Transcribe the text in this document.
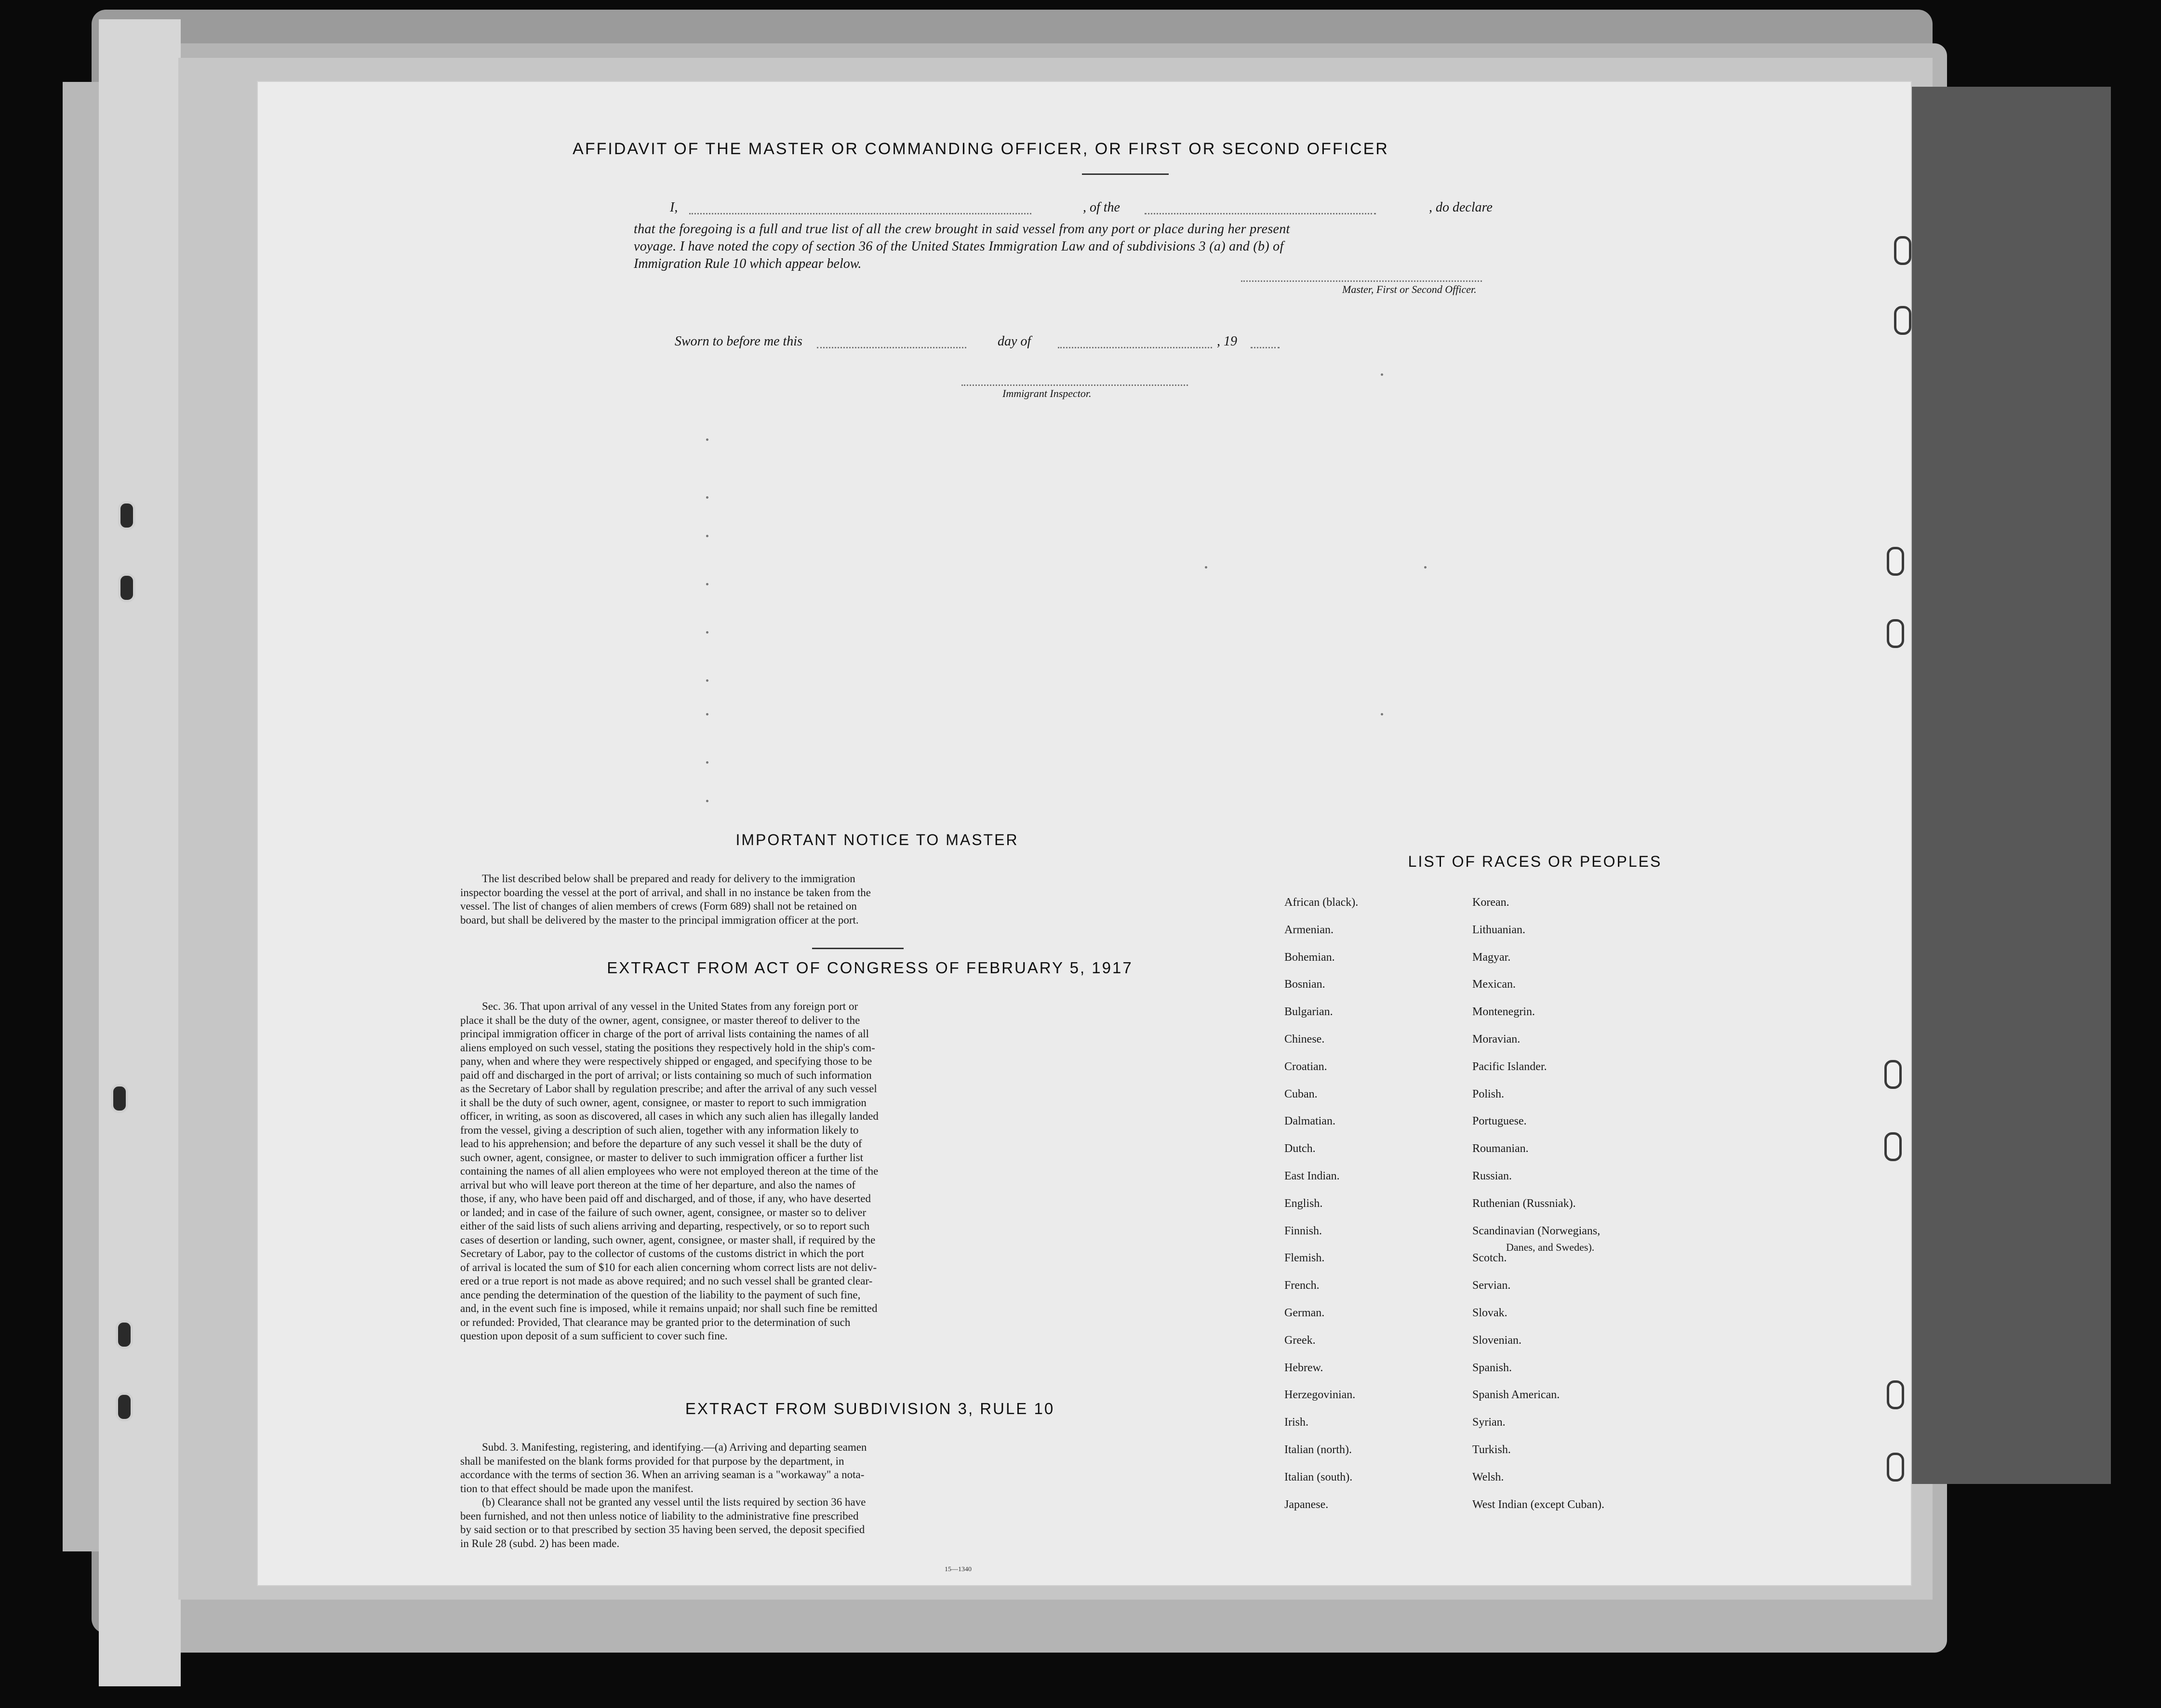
AFFIDAVIT OF THE MASTER OR COMMANDING OFFICER, OR FIRST OR SECOND OFFICER
I,	, of the	, do declare
that the foregoing is a full and true list of all the crew brought in said vessel from any port or place during her present
voyage. I have noted the copy of section 36 of the United States Immigration Law and of subdivisions 3 (a) and (b) of
Immigration Rule 10 which appear below.
Master, First or Second Officer.
Sworn to before me this	day of	, 19
Immigrant Inspector.
IMPORTANT NOTICE TO MASTER
The list described below shall be prepared and ready for delivery to the immigration
inspector boarding the vessel at the port of arrival, and shall in no instance be taken from the
vessel. The list of changes of alien members of crews (Form 689) shall not be retained on
board, but shall be delivered by the master to the principal immigration officer at the port.
EXTRACT FROM ACT OF CONGRESS OF FEBRUARY 5, 1917
Sec. 36. That upon arrival of any vessel in the United States from any foreign port or
place it shall be the duty of the owner, agent, consignee, or master thereof to deliver to the
principal immigration officer in charge of the port of arrival lists containing the names of all
aliens employed on such vessel, stating the positions they respectively hold in the ship's com-
pany, when and where they were respectively shipped or engaged, and specifying those to be
paid off and discharged in the port of arrival; or lists containing so much of such information
as the Secretary of Labor shall by regulation prescribe; and after the arrival of any such vessel
it shall be the duty of such owner, agent, consignee, or master to report to such immigration
officer, in writing, as soon as discovered, all cases in which any such alien has illegally landed
from the vessel, giving a description of such alien, together with any information likely to
lead to his apprehension; and before the departure of any such vessel it shall be the duty of
such owner, agent, consignee, or master to deliver to such immigration officer a further list
containing the names of all alien employees who were not employed thereon at the time of the
arrival but who will leave port thereon at the time of her departure, and also the names of
those, if any, who have been paid off and discharged, and of those, if any, who have deserted
or landed; and in case of the failure of such owner, agent, consignee, or master so to deliver
either of the said lists of such aliens arriving and departing, respectively, or so to report such
cases of desertion or landing, such owner, agent, consignee, or master shall, if required by the
Secretary of Labor, pay to the collector of customs of the customs district in which the port
of arrival is located the sum of $10 for each alien concerning whom correct lists are not deliv-
ered or a true report is not made as above required; and no such vessel shall be granted clear-
ance pending the determination of the question of the liability to the payment of such fine,
and, in the event such fine is imposed, while it remains unpaid; nor shall such fine be remitted
or refunded: Provided, That clearance may be granted prior to the determination of such
question upon deposit of a sum sufficient to cover such fine.
EXTRACT FROM SUBDIVISION 3, RULE 10
Subd. 3. Manifesting, registering, and identifying.—(a) Arriving and departing seamen
shall be manifested on the blank forms provided for that purpose by the department, in
accordance with the terms of section 36. When an arriving seaman is a "workaway" a nota-
tion to that effect should be made upon the manifest.
(b) Clearance shall not be granted any vessel until the lists required by section 36 have
been furnished, and not then unless notice of liability to the administrative fine prescribed
by said section or to that prescribed by section 35 having been served, the deposit specified
in Rule 28 (subd. 2) has been made.
15—1340
LIST OF RACES OR PEOPLES
African (black).
Armenian.
Bohemian.
Bosnian.
Bulgarian.
Chinese.
Croatian.
Cuban.
Dalmatian.
Dutch.
East Indian.
English.
Finnish.
Flemish.
French.
German.
Greek.
Hebrew.
Herzegovinian.
Irish.
Italian (north).
Italian (south).
Japanese.
Korean.
Lithuanian.
Magyar.
Mexican.
Montenegrin.
Moravian.
Pacific Islander.
Polish.
Portuguese.
Roumanian.
Russian.
Ruthenian (Russniak).
Scandinavian (Norwegians,
Scotch.
Servian.
Slovak.
Slovenian.
Spanish.
Spanish American.
Syrian.
Turkish.
Welsh.
West Indian (except Cuban).
Danes, and Swedes).
